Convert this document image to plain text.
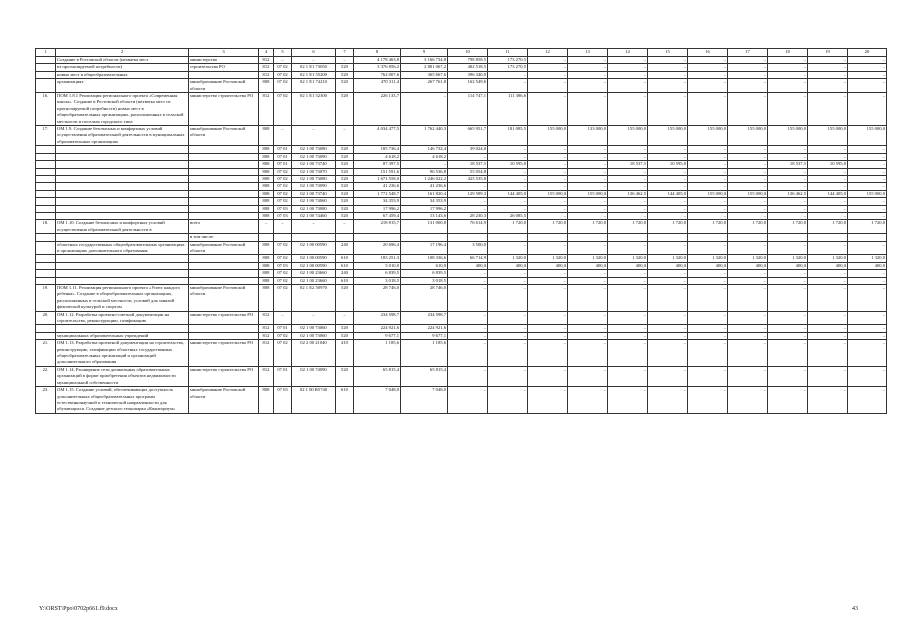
1	2	3	4	5	6	7	8	9	10	11	12	13	14	15	16	17	18	19	20
	Создание в Ростовской области (нехватка мест	министерство	812	–	–	–	4 178 463,8	3 166 734,8	798 858,5	173 270,5	–	–	–	–	–	–	–	–	–
	из прогнозируемой потребности)	строительства РО	812	07 02	02 1 Е1 73050	520	3 376 856,2	2 801 067,2	402 518,5	173 270,5	–	–	–	–	–	–	–	–	–
	новых мест в общеобразовательных		812	07 02	02 1 Е1 55200	520	762 007,6	365 667,6	396 340,0	–	–	–	–	–	–	–	–	–	–
	организациях	минобразование Ростовской области	808	07 02	02 1 Е1 74210	520	470 311,4	267 761,8	162 549,6	–	–	–	–	–	–	–	–	–	–
16.	ПОМ 1.8.1 Реализация регионального проекта «Современная школа». Создание в Ростовской области (нехватка мест из прогнозируемой потребности) новых мест в общеобразовательных организациях, расположенных в сельской местности и поселках городского типа	министерство строительства РО	812	07 02	02 1 Е1 52300	520	226 133,7	–	114 747,1	111 386,6	–	–	–	–	–	–	–	–	–
17.	ОМ 1.9. Создание безопасных и комфортных условий осуществления образовательной деятельности в муниципальных образовательных организациях	минобразование Ростовской области	808	–	–	–	4 034 477,5	1 762 440,3	665 951,7	181 085,5	155 000,0	133 000,0	155 000,0	155 000,0	155 000,0	155 000,0	155 000,0	155 000,0	155 000,0
			808	07 01	02 1 00 73080	520	185 736,4	146 732,4	39 024,0	–	–	–	–	–	–	–	–	–	–
			808	07 01	02 1 00 73090	520	4 618,2	4 618,2	–	–	–	–	–	–	–	–	–	–	–
			808	07 01	02 1 00 73740	520	87 397,5	–	18 537,5	10 595,0	–	–	18 537,5	10 595,0	–	–	18 537,5	10 595,0	–
			808	07 02	02 1 00 73070	520	151 591,6	96 536,8	55 054,8	–	–	–	–	–	–	–	–	–	–
			808	07 02	02 1 00 73080	520	1 671 558,0	1 246 022,2	425 535,8	–	–	–	–	–	–	–	–	–	–
			808	07 02	02 1 00 73090	520	41 236,6	41 236,6	–	–	–	–	–	–	–	–	–	–	–
			808	07 02	02 1 00 73740	520	1 772 548,7	161 820,4	129 589,3	144 405,0	155 000,0	155 000,0	136 462,5	144 405,0	155 000,0	155 000,0	136 462,5	144 405,0	155 000,0
			808	07 02	02 1 00 74060	520	34 353,9	34 353,9	–	–	–	–	–	–	–	–	–	–	–
			808	07 03	02 1 00 73080	520	17 996,2	17 996,2	–	–	–	–	–	–	–	–	–	–	–
			808	07 03	02 1 00 74460	520	67 459,4	13 143,6	28 230,3	26 085,5	–	–	–	–	–	–	–	–	–
18.	ОМ 1.10. Создание безопасных и комфортных условий осуществления образовательной деятельности в	всего	–	–	–	–	218 815,7	131 000,8	76 614,9	1 720,0	1 720,0	1 720,0	1 720,0	1 720,0	1 720,0	1 720,0	1 720,0	1 720,0	1 720,0
		в том числе:																	
	областных государственных общеобразовательных организациях и организациях дополнительного образования	минобразование Ростовской области	808	07 02	02 1 00 00590	240	20 696,4	17 196,4	3 500,0	–	–	–	–	–	–	–	–	–	–
			808	07 02	02 1 00 00590	610	183 251,3	108 336,6	66 714,9	1 320,0	1 320,0	1 320,0	1 320,0	1 320,0	1 320,0	1 320,0	1 320,0	1 320,0	1 320,0
			808	07 03	02 1 00 00590	610	5 010,0	610,0	400,0	400,0	400,0	400,0	400,0	400,0	400,0	400,0	400,0	400,0	400,0
			808	07 02	02 1 00 23660	240	6 839,5	6 839,5	–	–	–	–	–	–	–	–	–	–	–
			808	07 02	02 1 00 23660	610	3 018,5	3 018,5	–	–	–	–	–	–	–	–	–	–	–
19.	ПОМ 1.11. Реализация регионального проекта «Успех каждого ребенка». Создание в общеобразовательных организациях, расположенных в сельской местности, условий для занятий физической культурой и спортом	минобразование Ростовской области	808	07 02	02 1 Е2 50970	520	28 746,0	28 746,0	–	–	–	–	–	–	–	–	–	–	–
20.	ОМ 1.12. Разработка проектно-сметной документации на строительство, реконструкцию, газификацию	министерство строительства РО	812	–	–	–	234 598,7	234 598,7	–	–	–	–	–	–	–	–	–	–	–
			812	07 01	02 1 00 73060	520	224 921,6	224 921,6	–	–	–	–	–	–	–	–	–	–	–
	муниципальных образовательных учреждений		812	07 02	02 1 00 73060	520	9 677,1	9 677,1	–	–	–	–	–	–	–	–	–	–	–
21.	ОМ 1.13. Разработка проектной документации на строительство, реконструкцию, газификацию областных государственных общеобразовательных организаций и организаций дополнительного образования	министерство строительства РО	812	07 02	02 2 00 21040	410	1 185,6	1 185,6	–	–	–	–	–	–	–	–	–	–	–
22.	ОМ 1.14. Расширение сети дошкольных образовательных организаций в форме приобретения объектов недвижимости муниципальной собственности	министерство строительства РО	812	07 01	02 1 00 74090	520	65 815,4	65 815,4	–	–	–	–	–	–	–	–	–	–	–
23.	ОМ 1.15. Создание условий, обеспечивающих доступность дополнительных общеобразовательных программ естественнонаучной и технической направленности для обучающихся. Создание детского технопарка «Кванториум»	минобразование Ростовской области	808	07 03	02 1 00 R5740	610	7 048,0	7 048,0	–	–	–	–	–	–	–	–	–	–	–
Y:\ORST\Ppo\0702p661.f9.docx	43
